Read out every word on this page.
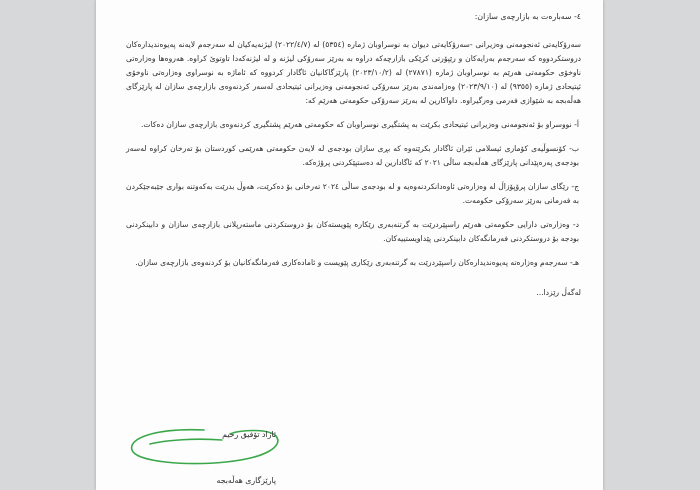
٤- سەبارەت بە بازارچەی سازان:

سەرۆکایەتی ئەنجومەنی وەزیرانی -سەرۆکایەتی دیوان بە نوسراوبان ژمارە (٥٣٥٤) لە (٢٠٢٢/٤/٧) لیژنەیەکیان لە سەرجەم لایەنە پەیوەندیدارەکان دروستکردووە کە سەرجەم بەرایەکان و رێپۆرتی کرێکی بازارچەکە دراوە بە بەرێز سەرۆکی لیژنە و لە لیژنەکەدا تاوتوێ کراوە. هەروەها وەزارەتی ناوخۆی حکومەتی هەرێم بە نوسراوبان ژمارە (٢٧٨٧١) لە (٢٠٢٣/١٠/٢) پارێزگاکانیان ئاگادار کردووە کە ئاماژە بە نوسراوی وەزارەتی ناوخۆی ئیتیحادی ژمارە (٩٣٥٥) لە (٢٠٢٣/٩/١٠) وەزامەندی بەرێز سەرۆکی ئەنجومەنی وەزیرانی ئیتیحادی لەسەر کردنەوەی بازارچەی سازان لە پارێزگای هەڵەبجە بە شێوازی فەرمی وەرگیراوە. داواکارین لە بەرێز سەرۆکی حکومەتی هەرێم کە:

أ- نووسراو بۆ ئەنجومەنی وەزیرانی ئیتیحادی بکرێت بە پشتگیری نوسراوبان کە حکومەتی هەرێم پشتگیری کردنەوەی بازارچەی سازان دەکات.

ب- کۆنسوڵیەی کۆماری ئیسلامی ئێران ئاگادار بکرێتەوە کە بڕی سازان بودجەی لە لایەن حکومەتی هەرێمی کوردستان بۆ تەرخان کراوە لەسەر بودجەی پەرەپێدانی پارێزگای هەڵەبجە ساڵی ٢٠٢١ کە ئاگادارین لە دەستپێکردنی پرۆژەکە.

ج- رێگای سازان پرۆپۆزاڵ لە وەزارەتی ئاوەدانکردنەوەیە و لە بودجەی ساڵی ٢٠٢٤ تەرخانی بۆ دەکرێت، هەوڵ بدرێت بەکەوتنە بواری جێبەجێکردن بە فەرمانی بەرێز سەرۆکی حکومەت.

د- وەزارەتی دارایی حکومەتی هەرێم راسپێردرێت بە گرتنەبەری رێکارە پێویستەکان بۆ دروستکردنی ماستەرپلانی بازارچەی سازان و دابینکردنی بودجە بۆ دروستکردنی فەرمانگەکان دابینکردنی پێداویستییەکان.

هـ- سەرجەم وەزارەتە پەیوەندیدارەکان راسپێردرێت بە گرتنەبەری رێکاری پێویست و ئامادەکاری فەرمانگەکانیان بۆ کردنەوەی بازارچەی سازان.

لەگەڵ رێزدا...

ئازاد تۆفیق رحیم
پارێزگاری هەڵەبجە
